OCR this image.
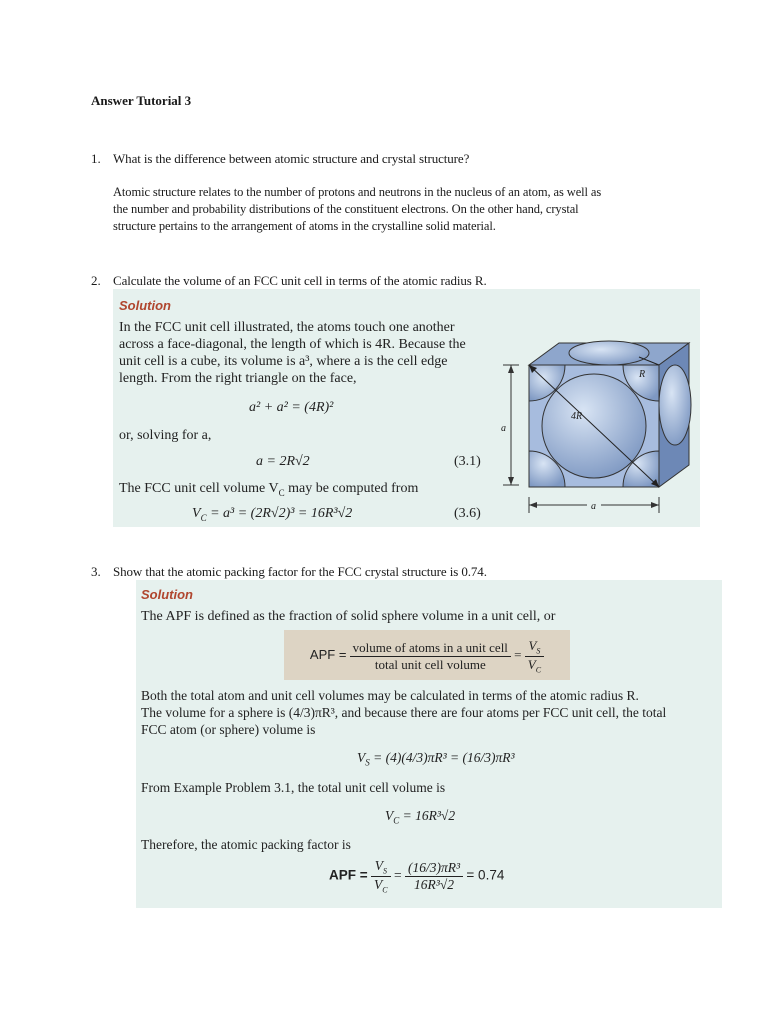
Answer Tutorial 3
1. What is the difference between atomic structure and crystal structure?
Atomic structure relates to the number of protons and neutrons in the nucleus of an atom, as well as
the number and probability distributions of the constituent electrons. On the other hand, crystal
structure pertains to the arrangement of atoms in the crystalline solid material.
2. Calculate the volume of an FCC unit cell in terms of the atomic radius R.
Solution
In the FCC unit cell illustrated, the atoms touch one another
across a face-diagonal, the length of which is 4R. Because the
unit cell is a cube, its volume is a³, where a is the cell edge
length. From the right triangle on the face,
a² + a² = (4R)²
or, solving for a,
a = 2R√2	(3.1)
The FCC unit cell volume $V_C$ may be computed from
$V_C = a^3 = (2R√2)^3 = 16R^3√2$	(3.6)
R
4R
a
a
3. Show that the atomic packing factor for the FCC crystal structure is 0.74.
Solution
The APF is defined as the fraction of solid sphere volume in a unit cell, or
APF = $\frac{\text{volume of atoms in a unit cell}}{\text{total unit cell volume}} = \frac{V_S}{V_C}$
Both the total atom and unit cell volumes may be calculated in terms of the atomic radius R.
The volume for a sphere is (4/3)πR³, and because there are four atoms per FCC unit cell, the total
FCC atom (or sphere) volume is
$V_S = (4)(4/3)\pi R^3 = (16/3)\pi R^3$
From Example Problem 3.1, the total unit cell volume is
$V_C = 16R^3√2$
Therefore, the atomic packing factor is
APF = $\frac{V_S}{V_C} = \frac{\text{(16/3)πR³}}{\text{16R³√2}} = 0.74$
